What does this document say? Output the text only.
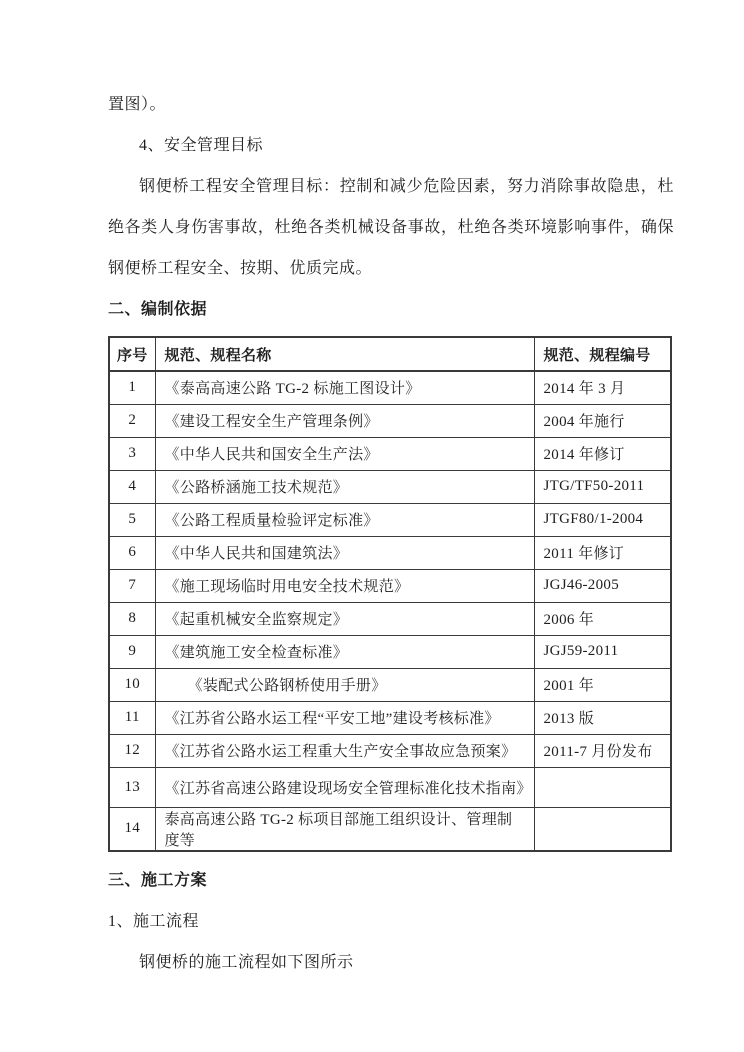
置图）。

4、安全管理目标

钢便桥工程安全管理目标：控制和减少危险因素，努力消除事故隐患，杜绝各类人身伤害事故，杜绝各类机械设备事故，杜绝各类环境影响事件，确保钢便桥工程安全、按期、优质完成。

二、编制依据
序号	规范、规程名称	规范、规程编号
1	《泰高高速公路 TG-2 标施工图设计》	2014 年 3 月
2	《建设工程安全生产管理条例》	2004 年施行
3	《中华人民共和国安全生产法》	2014 年修订
4	《公路桥涵施工技术规范》	JTG/TF50-2011
5	《公路工程质量检验评定标准》	JTGF80/1-2004
6	《中华人民共和国建筑法》	2011 年修订
7	《施工现场临时用电安全技术规范》	JGJ46-2005
8	《起重机械安全监察规定》	2006 年
9	《建筑施工安全检查标准》	JGJ59-2011
10	　　《装配式公路钢桥使用手册》	2001 年
11	《江苏省公路水运工程“平安工地”建设考核标准》	2013 版
12	《江苏省公路水运工程重大生产安全事故应急预案》	2011-7 月份发布
13	《江苏省高速公路建设现场安全管理标准化技术指南》	
14	泰高高速公路 TG-2 标项目部施工组织设计、管理制度等	
三、施工方案

1、施工流程

钢便桥的施工流程如下图所示
